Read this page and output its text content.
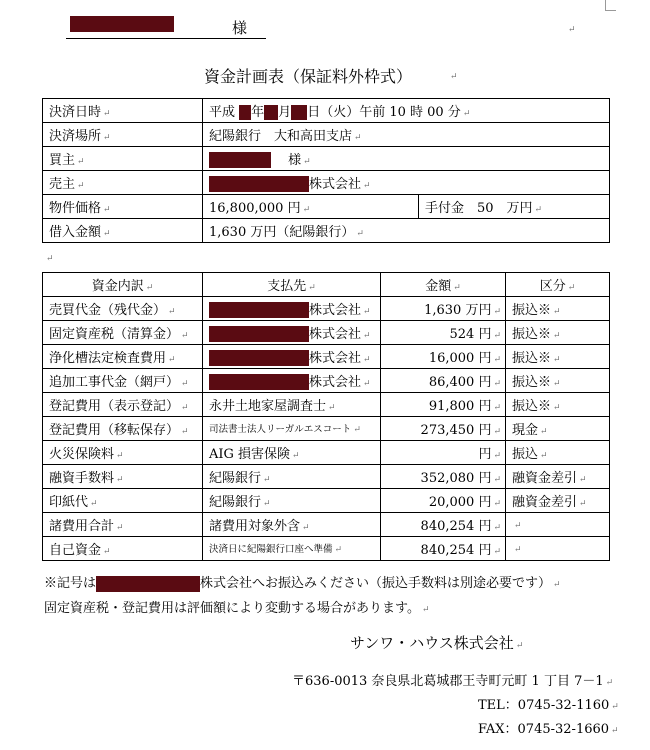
様	↵
資金計画表（保証料外枠式）	↵
決済日時 ↵	平成 年 月 日（火）午前 10 時 00 分 ↵	
決済場所 ↵	紀陽銀行　大和高田支店 ↵	
買主 ↵	　様 ↵	
売主 ↵	株式会社 ↵	
物件価格 ↵	16,800,000 円 ↵	手付金　50　万円 ↵
借入金額 ↵	1,630 万円（紀陽銀行） ↵	
↵
資金内訳 ↵	支払先 ↵	金額 ↵	区分 ↵
売買代金（残代金） ↵	株式会社 ↵	1,630 万円 ↵	振込※ ↵
固定資産税（清算金） ↵	株式会社 ↵	524 円 ↵	振込※ ↵
浄化槽法定検査費用 ↵	株式会社 ↵	16,000 円 ↵	振込※ ↵
追加工事代金（網戸） ↵	株式会社 ↵	86,400 円 ↵	振込※ ↵
登記費用（表示登記） ↵	永井土地家屋調査士 ↵	91,800 円 ↵	振込※ ↵
登記費用（移転保存） ↵	司法書士法人リーガルエスコート ↵	273,450 円 ↵	現金 ↵
火災保険料 ↵	AIG 損害保険 ↵	円 ↵	振込 ↵
融資手数料 ↵	紀陽銀行 ↵	352,080 円 ↵	融資金差引 ↵
印紙代 ↵	紀陽銀行 ↵	20,000 円 ↵	融資金差引 ↵
諸費用合計 ↵	諸費用対象外含 ↵	840,254 円 ↵	↵
自己資金 ↵	決済日に紀陽銀行口座へ準備 ↵	840,254 円 ↵	↵
※記号は	株式会社へお振込みください（振込手数料は別途必要です） ↵
固定資産税・登記費用は評価額により変動する場合があります。 ↵
サンワ・ハウス株式会社 ↵
〒636-0013 奈良県北葛城郡王寺町元町 1 丁目 7－1 ↵
TEL：0745-32-1160 ↵
FAX：0745-32-1660 ↵
